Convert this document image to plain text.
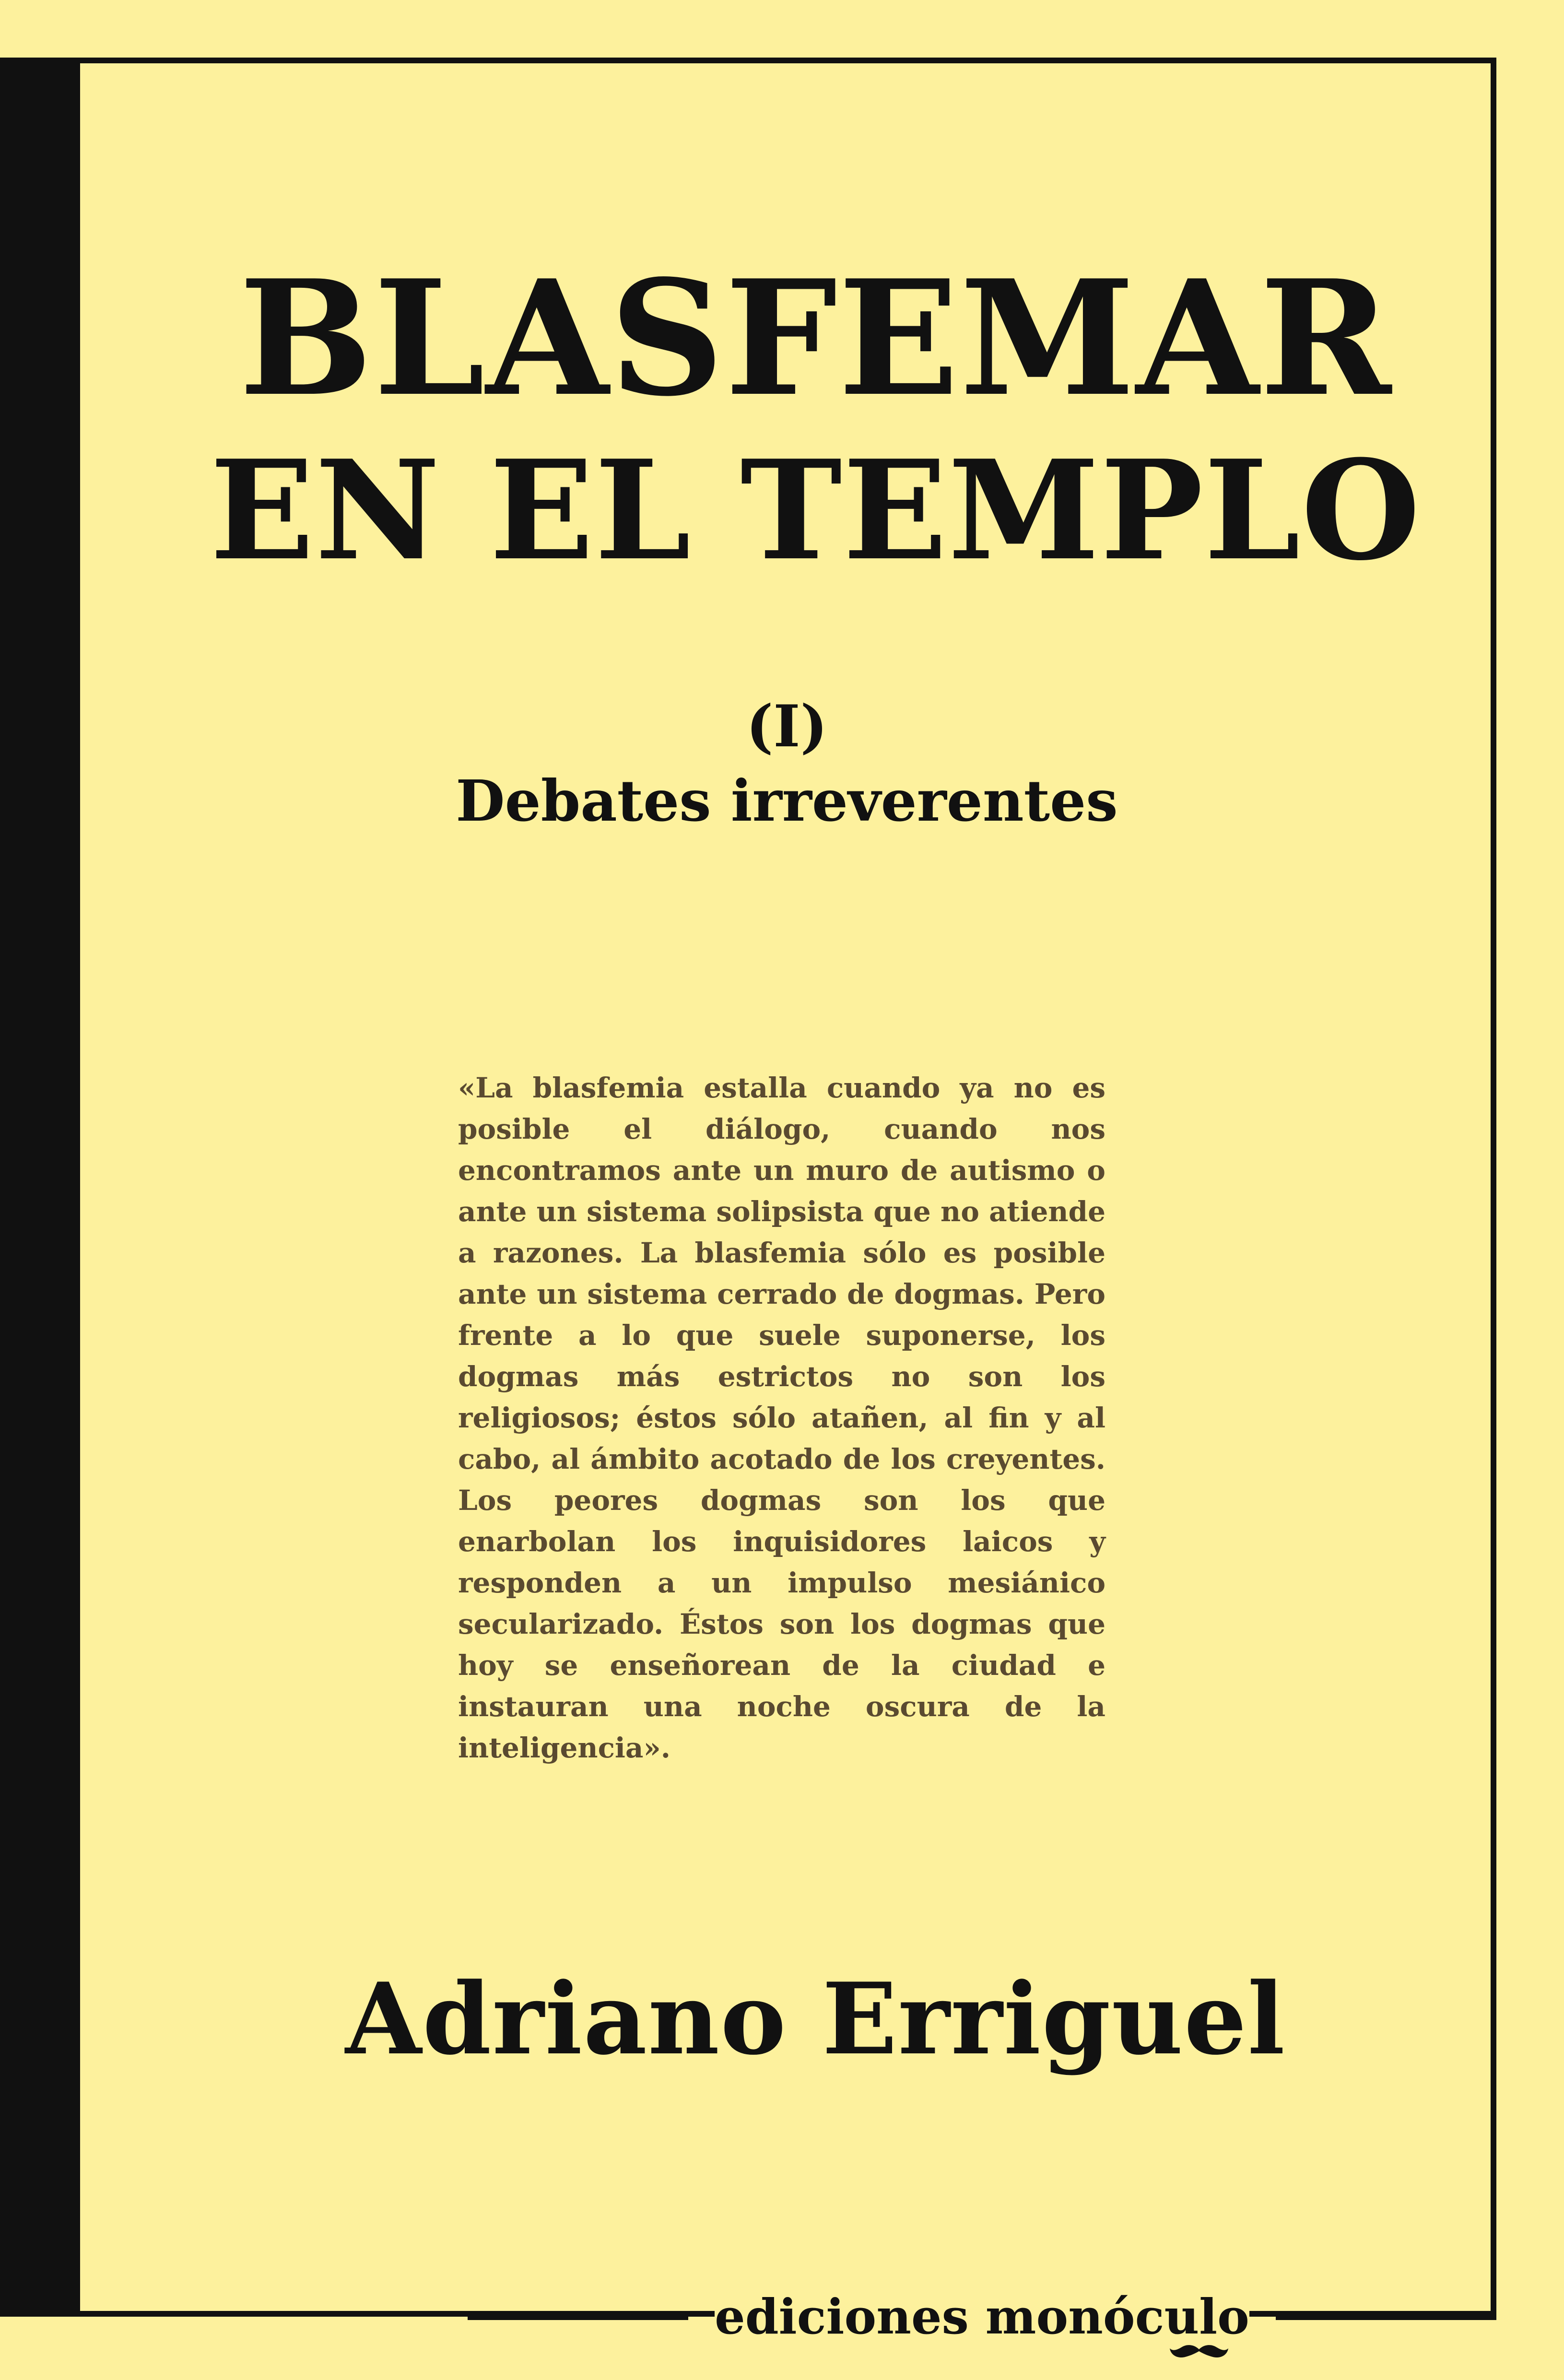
BLASFEMAR
EN EL TEMPLO
(I)
Debates irreverentes

«La blasfemia estalla cuando ya no es posible el diálogo, cuando nos encontramos ante un muro de autismo o ante un sistema solipsista que no atiende a razones. La blasfemia sólo es posible ante un sistema cerrado de dogmas. Pero frente a lo que suele suponerse, los dogmas más estrictos no son los religiosos; éstos sólo atañen, al fin y al cabo, al ámbito acotado de los creyentes. Los peores dogmas son los que enarbolan los inquisidores laicos y responden a un impulso mesiánico secularizado. Éstos son los dogmas que hoy se enseñorean de la ciudad e instauran una noche oscura de la inteligencia».

Adriano Erriguel
ediciones monóculo
